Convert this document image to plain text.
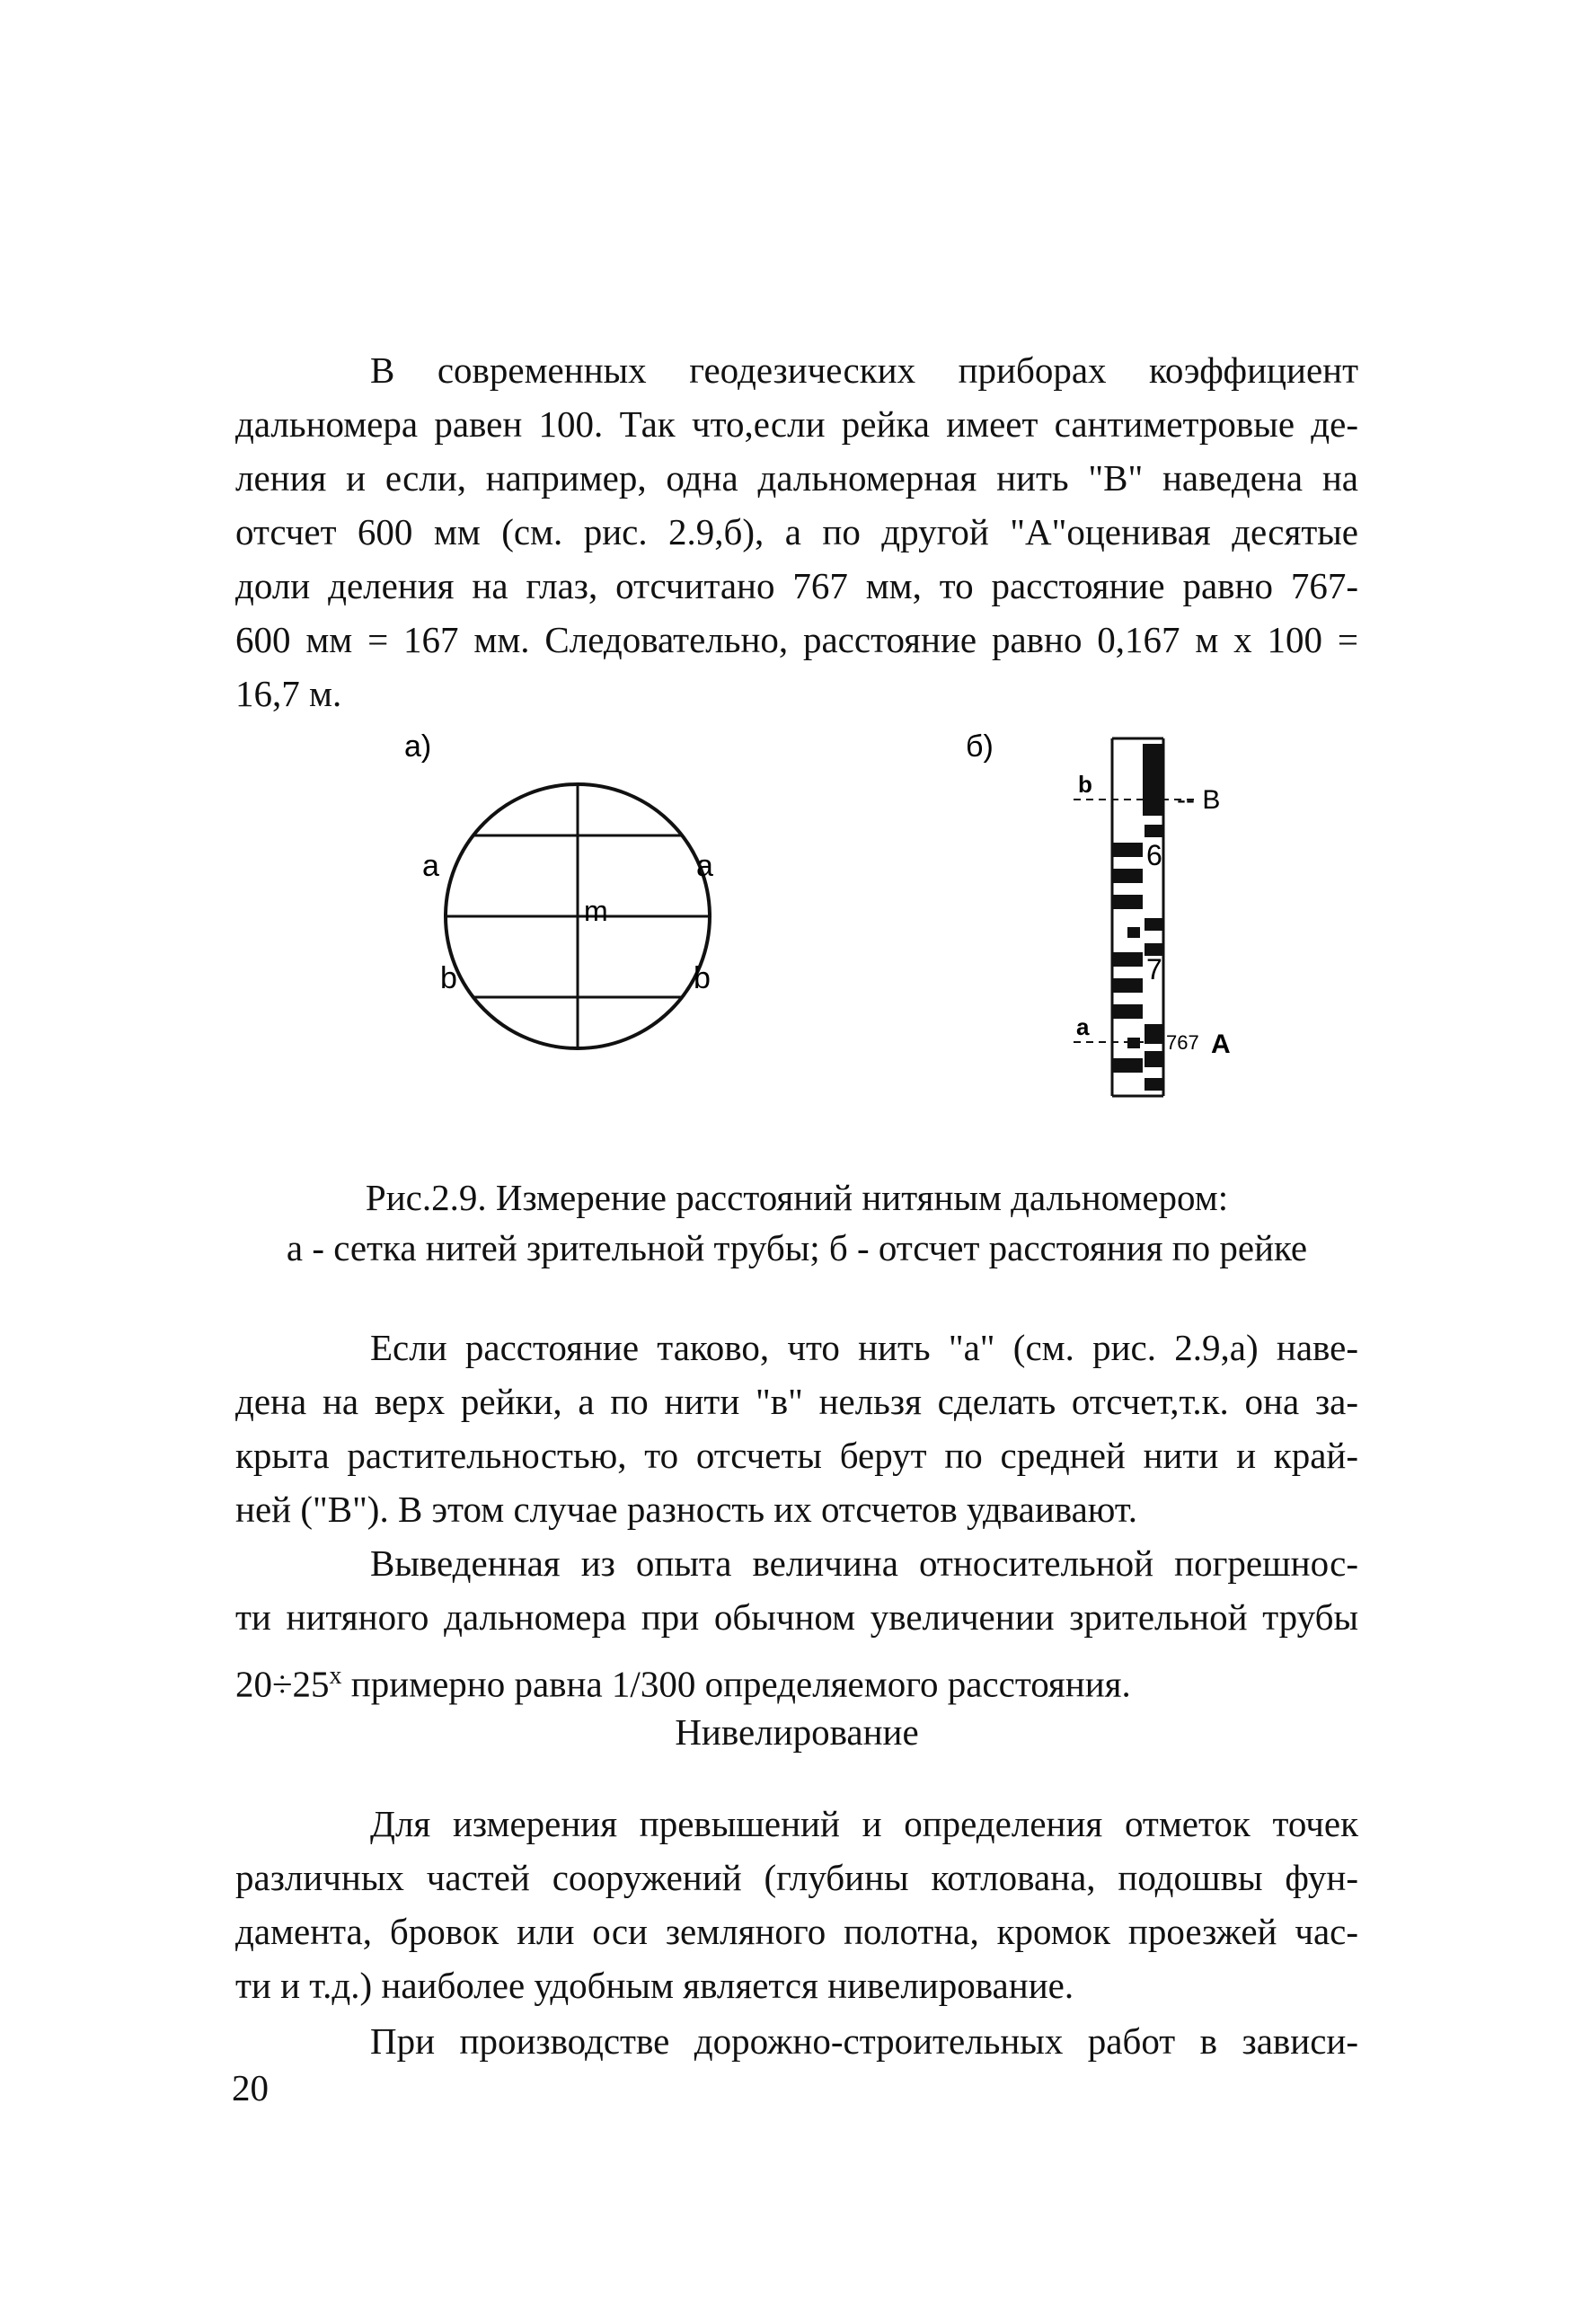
В современных геодезических приборах коэффициент
дальномера равен 100. Так что,если рейка имеет сантиметровые де-
ления и если, например, одна дальномерная нить "В" наведена на
отсчет 600 мм (см. рис. 2.9,б), а по другой "А"оценивая десятые
доли деления на глаз, отсчитано 767 мм, то расстояние равно 767-
600 мм = 167 мм. Следовательно, расстояние равно 0,167 м х 100 =
16,7 м.
а)
a	a
m
b	b
б)
6
7
b
-- В
a
767 A
Рис.2.9. Измерение расстояний нитяным дальномером:
а - сетка нитей зрительной трубы; б - отсчет расстояния по рейке
Если расстояние таково, что нить "а" (см. рис. 2.9,а) наве-
дена на верх рейки, а по нити "в" нельзя сделать отсчет,т.к. она за-
крыта растительностью, то отсчеты берут по средней нити и край-
ней ("В"). В этом случае разность их отсчетов удваивают.
Выведенная из опыта величина относительной погрешнос-
ти нитяного дальномера при обычном увеличении зрительной трубы
$20\div 25^х$ примерно равна 1/300 определяемого расстояния.
Нивелирование
Для измерения превышений и определения отметок точек
различных частей сооружений (глубины котлована, подошвы фун-
дамента, бровок или оси земляного полотна, кромок проезжей час-
ти и т.д.) наиболее удобным является нивелирование.
При производстве дорожно-строительных работ в зависи-
20
